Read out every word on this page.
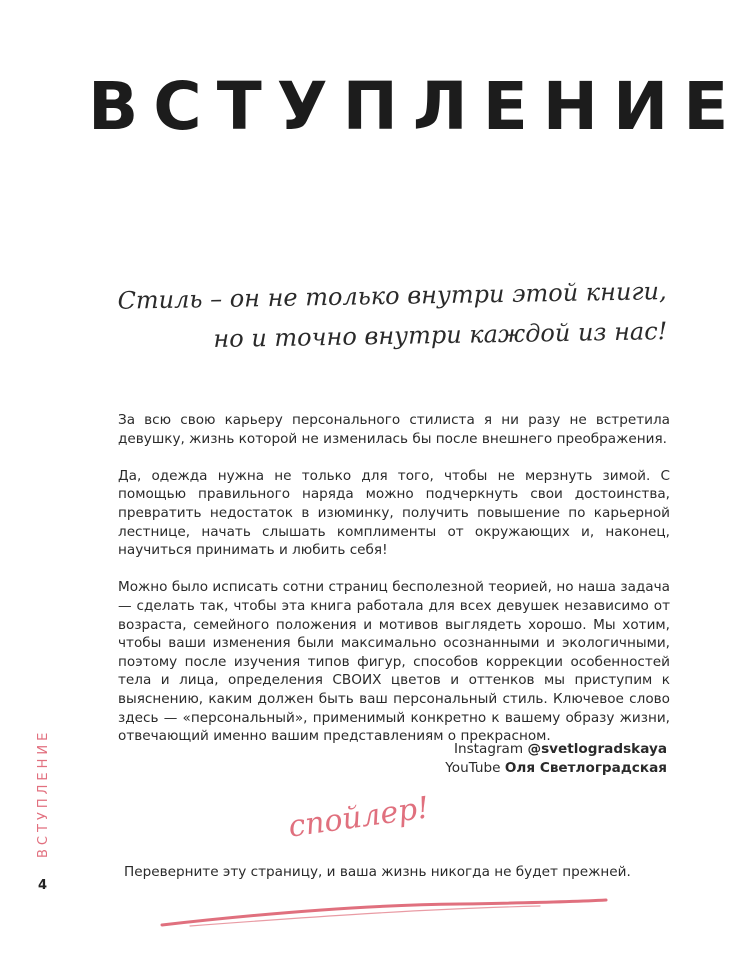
ВСТУПЛЕНИЕ
Стиль – он не только внутри этой книги,
но и точно внутри каждой из нас!

За всю свою карьеру персонального стилиста я ни разу не встретила девушку, жизнь которой не изменилась бы после внешнего преображения.

Да, одежда нужна не только для того, чтобы не мерзнуть зимой. С помощью правильного наряда можно подчеркнуть свои достоинства, превратить недостаток в изюминку, получить повышение по карьерной лестнице, начать слышать комплименты от окружающих и, наконец, научиться принимать и любить себя!

Можно было исписать сотни страниц бесполезной теорией, но наша задача — сделать так, чтобы эта книга работала для всех девушек независимо от возраста, семейного положения и мотивов выглядеть хорошо. Мы хотим, чтобы ваши изменения были максимально осознанными и экологичными, поэтому после изучения типов фигур, способов коррекции особенностей тела и лица, определения СВОИХ цветов и оттенков мы приступим к выяснению, каким должен быть ваш персональный стиль. Ключевое слово здесь — «персональный», применимый конкретно к вашему образу жизни, отвечающий именно вашим представлениям о прекрасном.

Instagram @svetlogradskaya
YouTube Оля Светлоградская
ВСТУПЛЕНИЕ
4
спойлер!
Переверните эту страницу, и ваша жизнь никогда не будет прежней.
